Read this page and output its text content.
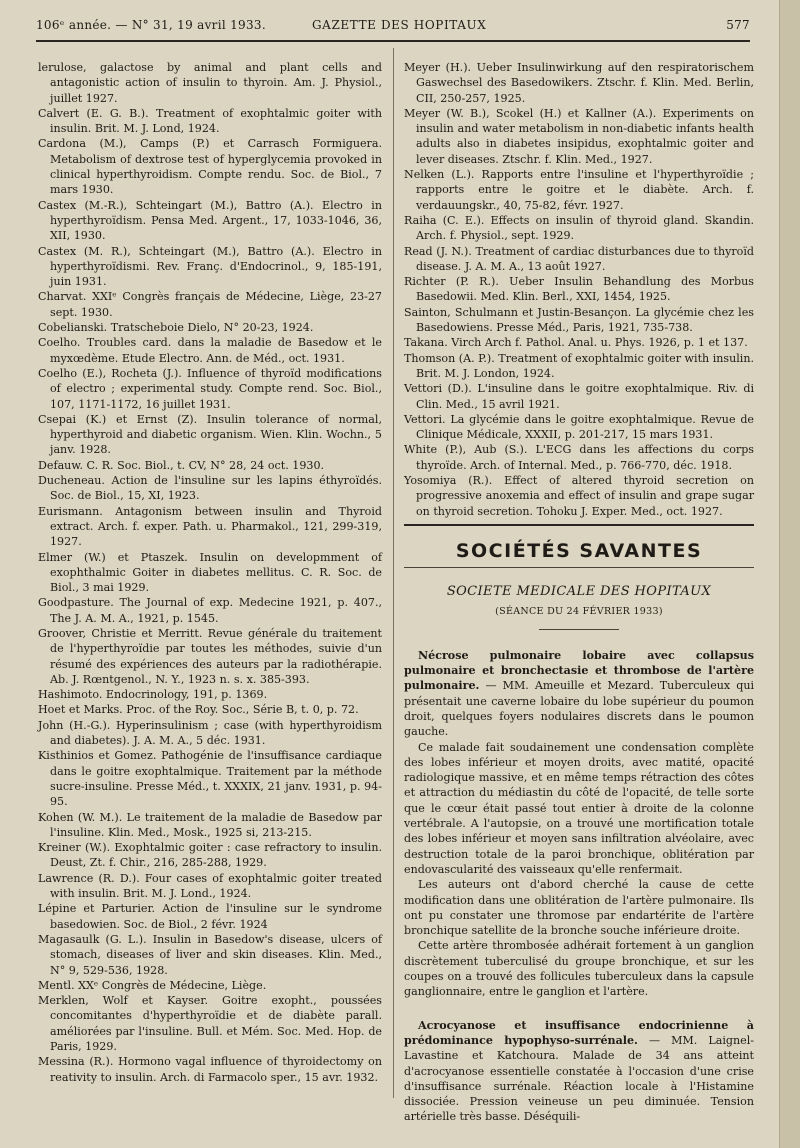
106ᵉ année. — N° 31, 19 avril 1933.	GAZETTE DES HOPITAUX	577

lerulose, galactose by animal and plant cells and antagonistic action of insulin to thyroin. Am. J. Physiol., juillet 1927.

Calvert (E. G. B.). Treatment of exophtalmic goiter with insulin. Brit. M. J. Lond, 1924.

Cardona (M.), Camps (P.) et Carrasch Formiguera. Metabolism of dextrose test of hyperglycemia provoked in clinical hyperthyroidism. Compte rendu. Soc. de Biol., 7 mars 1930.

Castex (M.-R.), Schteingart (M.), Battro (A.). Electro in hyperthyroïdism. Pensa Med. Argent., 17, 1033-1046, 36, XII, 1930.

Castex (M. R.), Schteingart (M.), Battro (A.). Electro in hyperthyroïdismi. Rev. Franç. d'Endocrinol., 9, 185-191, juin 1931.

Charvat. XXIᵉ Congrès français de Médecine, Liège, 23-27 sept. 1930.

Cobelianski. Tratscheboie Dielo, N° 20-23, 1924.

Coelho. Troubles card. dans la maladie de Basedow et le myxœdème. Etude Electro. Ann. de Méd., oct. 1931.

Coelho (E.), Rocheta (J.). Influence of thyroïd modifications of electro ; experimental study. Compte rend. Soc. Biol., 107, 1171-1172, 16 juillet 1931.

Csepai (K.) et Ernst (Z). Insulin tolerance of normal, hyperthyroid and diabetic organism. Wien. Klin. Wochn., 5 janv. 1928.

Defauw. C. R. Soc. Biol., t. CV, N° 28, 24 oct. 1930.

Ducheneau. Action de l'insuline sur les lapins éthyroïdés. Soc. de Biol., 15, XI, 1923.

Eurismann. Antagonism between insulin and Thyroid extract. Arch. f. exper. Path. u. Pharmakol., 121, 299-319, 1927.

Elmer (W.) et Ptaszek. Insulin on developmment of exophthalmic Goiter in diabetes mellitus. C. R. Soc. de Biol., 3 mai 1929.

Goodpasture. The Journal of exp. Medecine 1921, p. 407., The J. A. M. A., 1921, p. 1545.

Groover, Christie et Merritt. Revue générale du traitement de l'hyperthyroïdie par toutes les méthodes, suivie d'un résumé des expériences des auteurs par la radiothérapie. Ab. J. Rœntgenol., N. Y., 1923 n. s. x. 385-393.

Hashimoto. Endocrinology, 191, p. 1369.

Hoet et Marks. Proc. of the Roy. Soc., Série B, t. 0, p. 72.

John (H.-G.). Hyperinsulinism ; case (with hyperthyroidism and diabetes). J. A. M. A., 5 déc. 1931.

Kisthinios et Gomez. Pathogénie de l'insuffisance cardiaque dans le goitre exophtalmique. Traitement par la méthode sucre-insuline. Presse Méd., t. XXXIX, 21 janv. 1931, p. 94-95.

Kohen (W. M.). Le traitement de la maladie de Basedow par l'insuline. Klin. Med., Mosk., 1925 si, 213-215.

Kreiner (W.). Exophtalmic goiter : case refractory to insulin. Deust, Zt. f. Chir., 216, 285-288, 1929.

Lawrence (R. D.). Four cases of exophtalmic goiter treated with insulin. Brit. M. J. Lond., 1924.

Lépine et Parturier. Action de l'insuline sur le syndrome basedowien. Soc. de Biol., 2 févr. 1924

Magasaulk (G. L.). Insulin in Basedow's disease, ulcers of stomach, diseases of liver and skin diseases. Klin. Med., N° 9, 529-536, 1928.

Mentl. XXᵉ Congrès de Médecine, Liège.

Merklen, Wolf et Kayser. Goitre exopht., poussées concomitantes d'hyperthyroïdie et de diabète parall. améliorées par l'insuline. Bull. et Mém. Soc. Med. Hop. de Paris, 1929.

Messina (R.). Hormono vagal influence of thyroidectomy on reativity to insulin. Arch. di Farmacolo sper., 15 avr. 1932.

Meyer (H.). Ueber Insulinwirkung auf den respiratorischem Gaswechsel des Basedowikers. Ztschr. f. Klin. Med. Berlin, CII, 250-257, 1925.

Meyer (W. B.), Scokel (H.) et Kallner (A.). Experiments on insulin and water metabolism in non-diabetic infants health adults also in diabetes insipidus, exophtalmic goiter and lever diseases. Ztschr. f. Klin. Med., 1927.

Nelken (L.). Rapports entre l'insuline et l'hyperthyroïdie ; rapports entre le goitre et le diabète. Arch. f. verdauungskr., 40, 75-82, févr. 1927.

Raiha (C. E.). Effects on insulin of thyroid gland. Skandin. Arch. f. Physiol., sept. 1929.

Read (J. N.). Treatment of cardiac disturbances due to thyroïd disease. J. A. M. A., 13 août 1927.

Richter (P. R.). Ueber Insulin Behandlung des Morbus Basedowii. Med. Klin. Berl., XXI, 1454, 1925.

Sainton, Schulmann et Justin-Besançon. La glycémie chez les Basedowiens. Presse Méd., Paris, 1921, 735-738.

Takana. Virch Arch f. Pathol. Anal. u. Phys. 1926, p. 1 et 137.

Thomson (A. P.). Treatment of exophtalmic goiter with insulin. Brit. M. J. London, 1924.

Vettori (D.). L'insuline dans le goitre exophtalmique. Riv. di Clin. Med., 15 avril 1921.

Vettori. La glycémie dans le goitre exophtalmique. Revue de Clinique Médicale, XXXII, p. 201-217, 15 mars 1931.

White (P.), Aub (S.). L'ECG dans les affections du corps thyroïde. Arch. of Internal. Med., p. 766-770, déc. 1918.

Yosomiya (R.). Effect of altered thyroid secretion on progressive anoxemia and effect of insulin and grape sugar on thyroid secretion. Tohoku J. Exper. Med., oct. 1927.

SOCIÉTÉS SAVANTES
SOCIETE MEDICALE DES HOPITAUX
(SÉANCE DU 24 FÉVRIER 1933)

Nécrose pulmonaire lobaire avec collapsus pulmonaire et bronchectasie et thrombose de l'artère pulmonaire. — MM. Ameuille et Mezard. Tuberculeux qui présentait une caverne lobaire du lobe supérieur du poumon droit, quelques foyers nodulaires discrets dans le poumon gauche.

Ce malade fait soudainement une condensation complète des lobes inférieur et moyen droits, avec matité, opacité radiologique massive, et en même temps rétraction des côtes et attraction du médiastin du côté de l'opacité, de telle sorte que le cœur était passé tout entier à droite de la colonne vertébrale. A l'autopsie, on a trouvé une mortification totale des lobes inférieur et moyen sans infiltration alvéolaire, avec destruction totale de la paroi bronchique, oblitération par endovascularité des vaisseaux qu'elle renfermait.

Les auteurs ont d'abord cherché la cause de cette modification dans une oblitération de l'artère pulmonaire. Ils ont pu constater une thromose par endartérite de l'artère bronchique satellite de la bronche souche inférieure droite.

Cette artère thrombosée adhérait fortement à un ganglion discrètement tuberculisé du groupe bronchique, et sur les coupes on a trouvé des follicules tuberculeux dans la capsule ganglionnaire, entre le ganglion et l'artère.

Acrocyanose et insuffisance endocrinienne à prédominance hypophyso-surrénale. — MM. Laignel-Lavastine et Katchoura. Malade de 34 ans atteint d'acrocyanose essentielle constatée à l'occasion d'une crise d'insuffisance surrénale. Réaction locale à l'Histamine dissociée. Pression veineuse un peu diminuée. Tension artérielle très basse. Déséquili-
